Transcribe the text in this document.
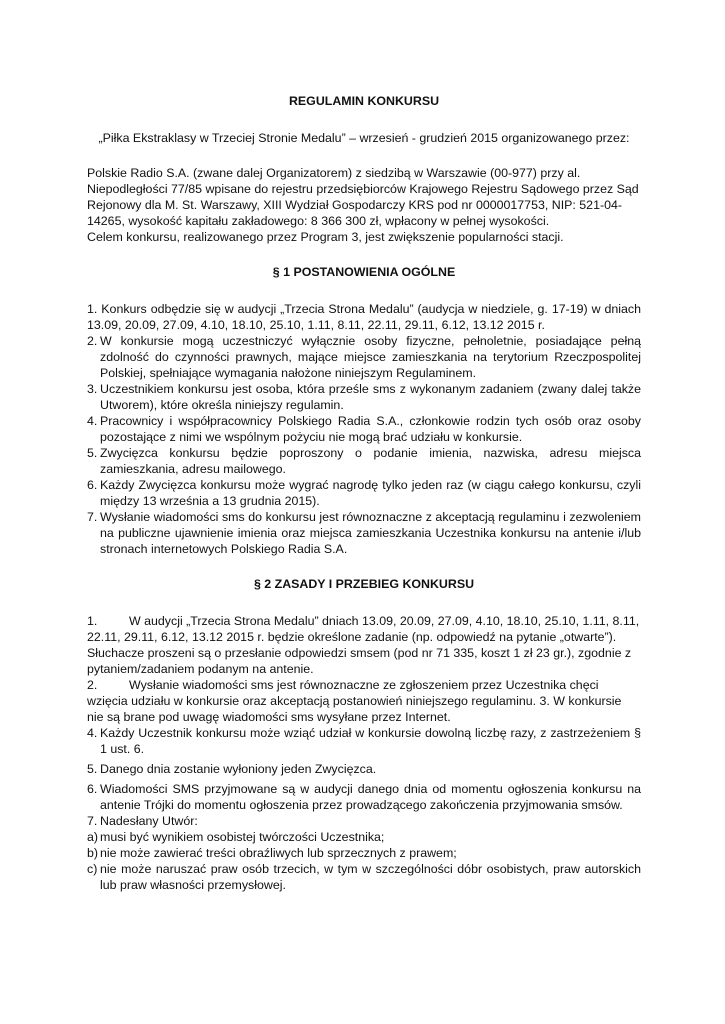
REGULAMIN KONKURSU

„Piłka Ekstraklasy w Trzeciej Stronie Medalu” – wrzesień - grudzień 2015 organizowanego przez:

Polskie Radio S.A. (zwane dalej Organizatorem) z siedzibą w Warszawie (00-977) przy al. Niepodległości 77/85 wpisane do rejestru przedsiębiorców Krajowego Rejestru Sądowego przez Sąd Rejonowy dla M. St. Warszawy, XIII Wydział Gospodarczy KRS pod nr 0000017753, NIP: 521-04-14265, wysokość kapitału zakładowego: 8 366 300 zł, wpłacony w pełnej wysokości.

Celem konkursu, realizowanego przez Program 3, jest zwiększenie popularności stacji.

§ 1 POSTANOWIENIA OGÓLNE

1. Konkurs odbędzie się w audycji „Trzecia Strona Medalu” (audycja w niedziele, g. 17-19) w dniach 13.09, 20.09, 27.09, 4.10, 18.10, 25.10, 1.11, 8.11, 22.11, 29.11, 6.12, 13.12 2015 r.
2. W konkursie mogą uczestniczyć wyłącznie osoby fizyczne, pełnoletnie, posiadające pełną zdolność do czynności prawnych, mające miejsce zamieszkania na terytorium Rzeczpospolitej Polskiej, spełniające wymagania nałożone niniejszym Regulaminem.
3. Uczestnikiem konkursu jest osoba, która prześle sms z wykonanym zadaniem (zwany dalej także Utworem), które określa niniejszy regulamin.
4. Pracownicy i współpracownicy Polskiego Radia S.A., członkowie rodzin tych osób oraz osoby pozostające z nimi we wspólnym pożyciu nie mogą brać udziału w konkursie.
5. Zwycięzca konkursu będzie poproszony o podanie imienia, nazwiska, adresu miejsca zamieszkania, adresu mailowego.
6. Każdy Zwycięzca konkursu może wygrać nagrodę tylko jeden raz (w ciągu całego konkursu, czyli między 13 września a 13 grudnia 2015).
7. Wysłanie wiadomości sms do konkursu jest równoznaczne z akceptacją regulaminu i zezwoleniem na publiczne ujawnienie imienia oraz miejsca zamieszkania Uczestnika konkursu na antenie i/lub stronach internetowych Polskiego Radia S.A.

§ 2 ZASADY I PRZEBIEG KONKURSU

1.	W audycji „Trzecia Strona Medalu” dniach 13.09, 20.09, 27.09, 4.10, 18.10, 25.10, 1.11, 8.11, 22.11, 29.11, 6.12, 13.12 2015 r. będzie określone zadanie (np. odpowiedź na pytanie „otwarte”). Słuchacze proszeni są o przesłanie odpowiedzi smsem (pod nr 71 335, koszt 1 zł 23 gr.), zgodnie z pytaniem/zadaniem podanym na antenie.

2.	Wysłanie wiadomości sms jest równoznaczne ze zgłoszeniem przez Uczestnika chęci wzięcia udziału w konkursie oraz akceptacją postanowień niniejszego regulaminu. 3. W konkursie nie są brane pod uwagę wiadomości sms wysyłane przez Internet.

4. Każdy Uczestnik konkursu może wziąć udział w konkursie dowolną liczbę razy, z zastrzeżeniem § 1 ust. 6.
5. Danego dnia zostanie wyłoniony jeden Zwycięzca.
6. Wiadomości SMS przyjmowane są w audycji danego dnia od momentu ogłoszenia konkursu na antenie Trójki do momentu ogłoszenia przez prowadzącego zakończenia przyjmowania smsów.
7. Nadesłany Utwór:
a) musi być wynikiem osobistej twórczości Uczestnika;
b) nie może zawierać treści obraźliwych lub sprzecznych z prawem;
c) nie może naruszać praw osób trzecich, w tym w szczególności dóbr osobistych, praw autorskich lub praw własności przemysłowej.
